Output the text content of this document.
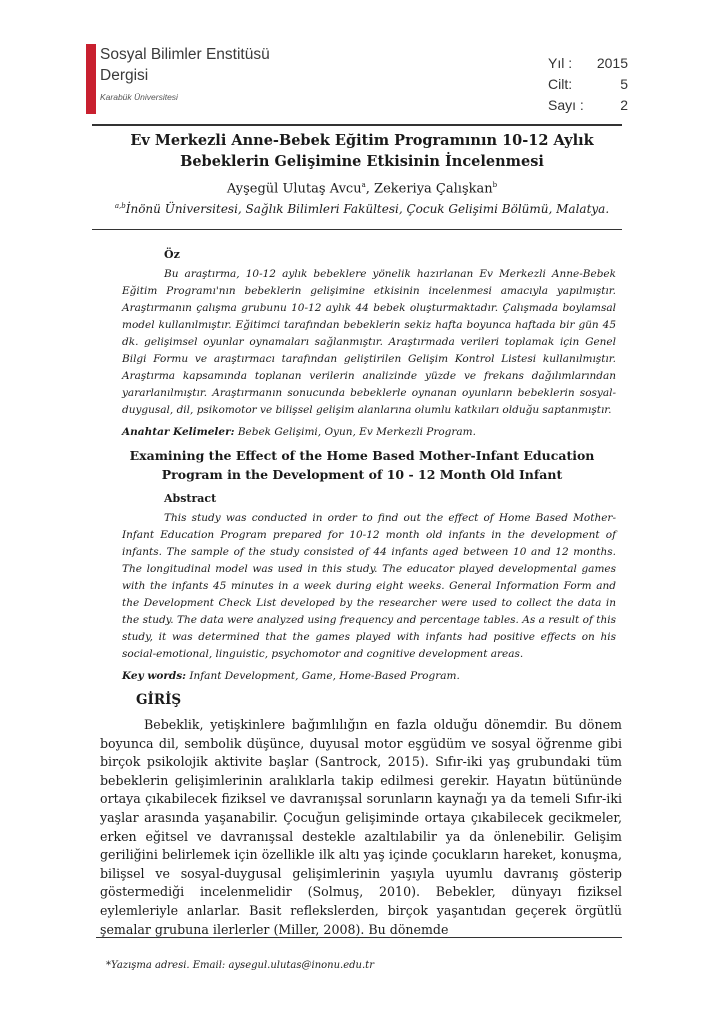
Sosyal Bilimler Enstitüsü
Dergisi
Karabük Üniversitesi
Yıl : 2015
Cilt:	5
Sayı :	2
Ev Merkezli Anne-Bebek Eğitim Programının 10-12 Aylık Bebeklerin Gelişimine Etkisinin İncelenmesi
Ayşegül Ulutaş Avcu$^a$, Zekeriya Çalışkan$^b$
$^{a,b}$İnönü Üniversitesi, Sağlık Bilimleri Fakültesi, Çocuk Gelişimi Bölümü, Malatya.
Öz
Bu araştırma, 10-12 aylık bebeklere yönelik hazırlanan Ev Merkezli Anne-Bebek Eğitim Programı'nın bebeklerin gelişimine etkisinin incelenmesi amacıyla yapılmıştır. Araştırmanın çalışma grubunu 10-12 aylık 44 bebek oluşturmaktadır. Çalışmada boylamsal model kullanılmıştır. Eğitimci tarafından bebeklerin sekiz hafta boyunca haftada bir gün 45 dk. gelişimsel oyunlar oynamaları sağlanmıştır. Araştırmada verileri toplamak için Genel Bilgi Formu ve araştırmacı tarafından geliştirilen Gelişim Kontrol Listesi kullanılmıştır. Araştırma kapsamında toplanan verilerin analizinde yüzde ve frekans dağılımlarından yararlanılmıştır. Araştırmanın sonucunda bebeklerle oynanan oyunların bebeklerin sosyal-duygusal, dil, psikomotor ve bilişsel gelişim alanlarına olumlu katkıları olduğu saptanmıştır.
Anahtar Kelimeler: Bebek Gelişimi, Oyun, Ev Merkezli Program.
Examining the Effect of the Home Based Mother-Infant Education Program in the Development of 10 - 12 Month Old Infant
Abstract
This study was conducted in order to find out the effect of Home Based Mother-Infant Education Program prepared for 10-12 month old infants in the development of infants. The sample of the study consisted of 44 infants aged between 10 and 12 months. The longitudinal model was used in this study. The educator played developmental games with the infants 45 minutes in a week during eight weeks. General Information Form and the Development Check List developed by the researcher were used to collect the data in the study. The data were analyzed using frequency and percentage tables. As a result of this study, it was determined that the games played with infants had positive effects on his social-emotional, linguistic, psychomotor and cognitive development areas.
Key words: Infant Development, Game, Home-Based Program.
GİRİŞ
Bebeklik, yetişkinlere bağımlılığın en fazla olduğu dönemdir. Bu dönem boyunca dil, sembolik düşünce, duyusal motor eşgüdüm ve sosyal öğrenme gibi birçok psikolojik aktivite başlar (Santrock, 2015). Sıfır-iki yaş grubundaki tüm bebeklerin gelişimlerinin aralıklarla takip edilmesi gerekir. Hayatın bütününde ortaya çıkabilecek fiziksel ve davranışsal sorunların kaynağı ya da temeli Sıfır-iki yaşlar arasında yaşanabilir. Çocuğun gelişiminde ortaya çıkabilecek gecikmeler, erken eğitsel ve davranışsal destekle azaltılabilir ya da önlenebilir. Gelişim geriliğini belirlemek için özellikle ilk altı yaş içinde çocukların hareket, konuşma, bilişsel ve sosyal-duygusal gelişimlerinin yaşıyla uyumlu davranış gösterip göstermediği incelenmelidir (Solmuş, 2010). Bebekler, dünyayı fiziksel eylemleriyle anlarlar. Basit reflekslerden, birçok yaşantıdan geçerek örgütlü şemalar grubuna ilerlerler (Miller, 2008). Bu dönemde
*Yazışma adresi. Email: aysegul.ulutas@inonu.edu.tr
